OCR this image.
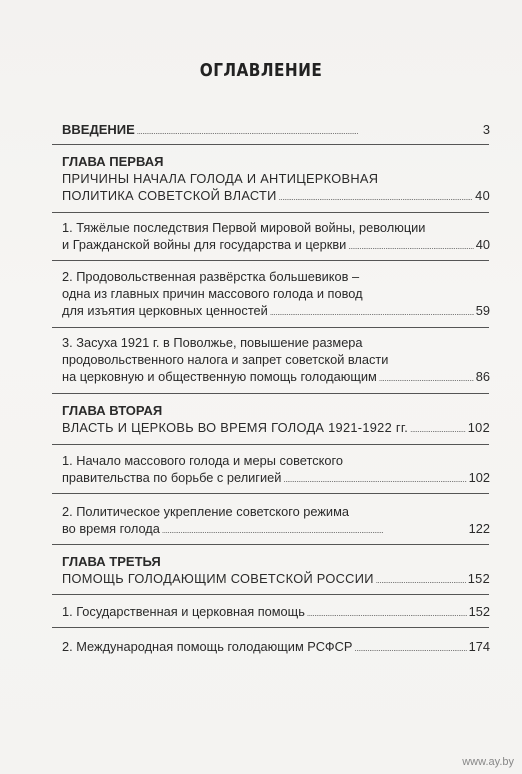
ОГЛАВЛЕНИЕ
ВВЕДЕНИЕ . . .	3
ГЛАВА ПЕРВАЯ
ПРИЧИНЫ НАЧАЛА ГОЛОДА И АНТИЦЕРКОВНАЯ
ПОЛИТИКА СОВЕТСКОЙ ВЛАСТИ . . .	40
1. Тяжёлые последствия Первой мировой войны, революции
и Гражданской войны для государства и церкви . . .	40
2. Продовольственная развёрстка большевиков –
одна из главных причин массового голода и повод
для изъятия церковных ценностей . . .	59
3. Засуха 1921 г. в Поволжье, повышение размера
продовольственного налога и запрет советской власти
на церковную и общественную помощь голодающим . . .	86
ГЛАВА ВТОРАЯ
ВЛАСТЬ И ЦЕРКОВЬ ВО ВРЕМЯ ГОЛОДА 1921-1922 гг. . . .	102
1. Начало массового голода и меры советского
правительства по борьбе с религией . . .	102
2. Политическое укрепление советского режима
во время голода . . .	122
ГЛАВА ТРЕТЬЯ
ПОМОЩЬ ГОЛОДАЮЩИМ СОВЕТСКОЙ РОССИИ . . .	152
1. Государственная и церковная помощь . . .	152
2. Международная помощь голодающим РСФСР . . .	174
www.ay.by
